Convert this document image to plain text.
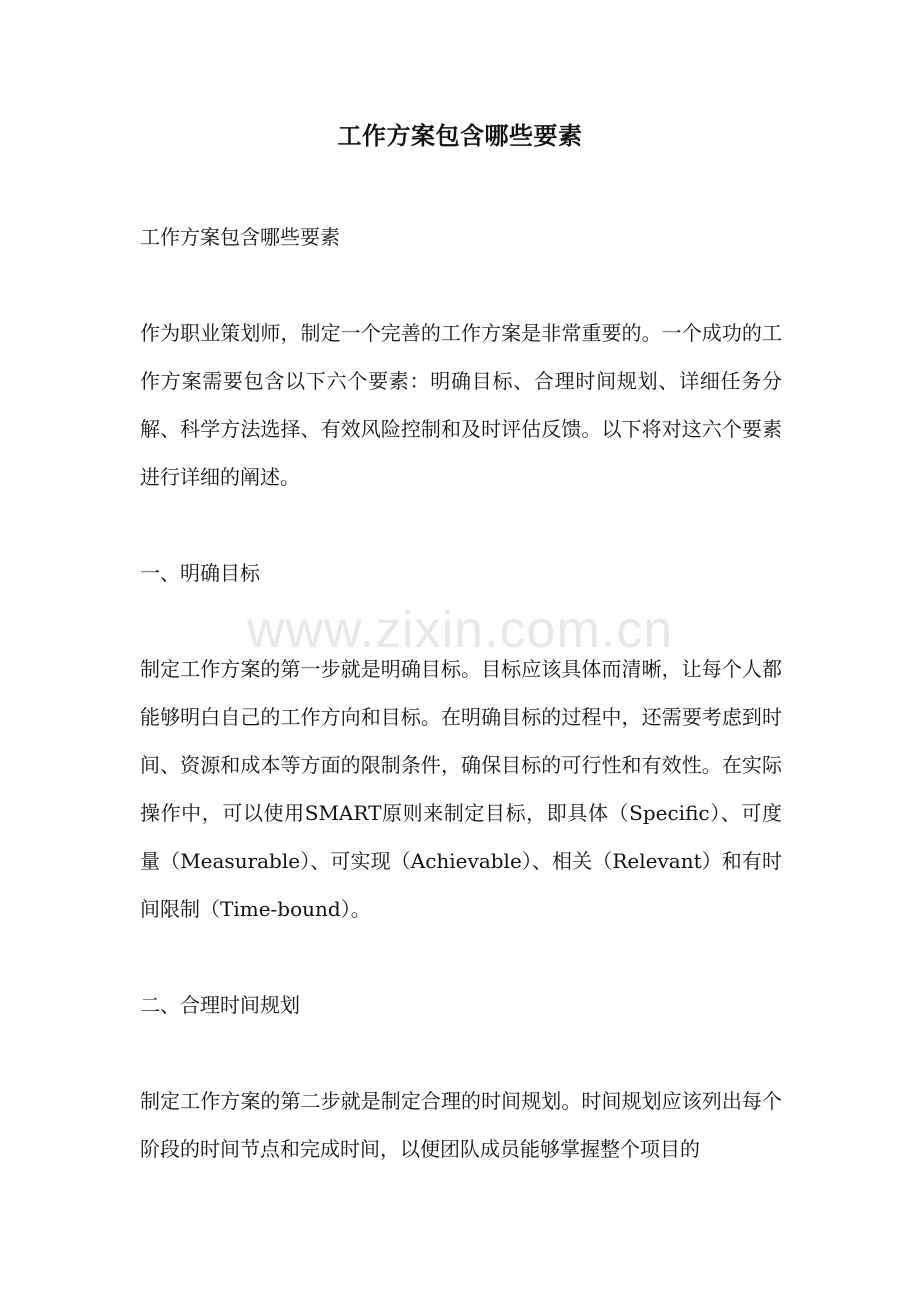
工作方案包含哪些要素

工作方案包含哪些要素

作为职业策划师，制定一个完善的工作方案是非常重要的。一个成功的工作方案需要包含以下六个要素：明确目标、合理时间规划、详细任务分解、科学方法选择、有效风险控制和及时评估反馈。以下将对这六个要素进行详细的阐述。

一、明确目标

制定工作方案的第一步就是明确目标。目标应该具体而清晰，让每个人都能够明白自己的工作方向和目标。在明确目标的过程中，还需要考虑到时间、资源和成本等方面的限制条件，确保目标的可行性和有效性。在实际操作中，可以使用SMART原则来制定目标，即具体（Specific）、可度量（Measurable）、可实现（Achievable）、相关（Relevant）和有时间限制（Time-bound）。

二、合理时间规划

制定工作方案的第二步就是制定合理的时间规划。时间规划应该列出每个阶段的时间节点和完成时间，以便团队成员能够掌握整个项目的

www.zixin.com.cn
